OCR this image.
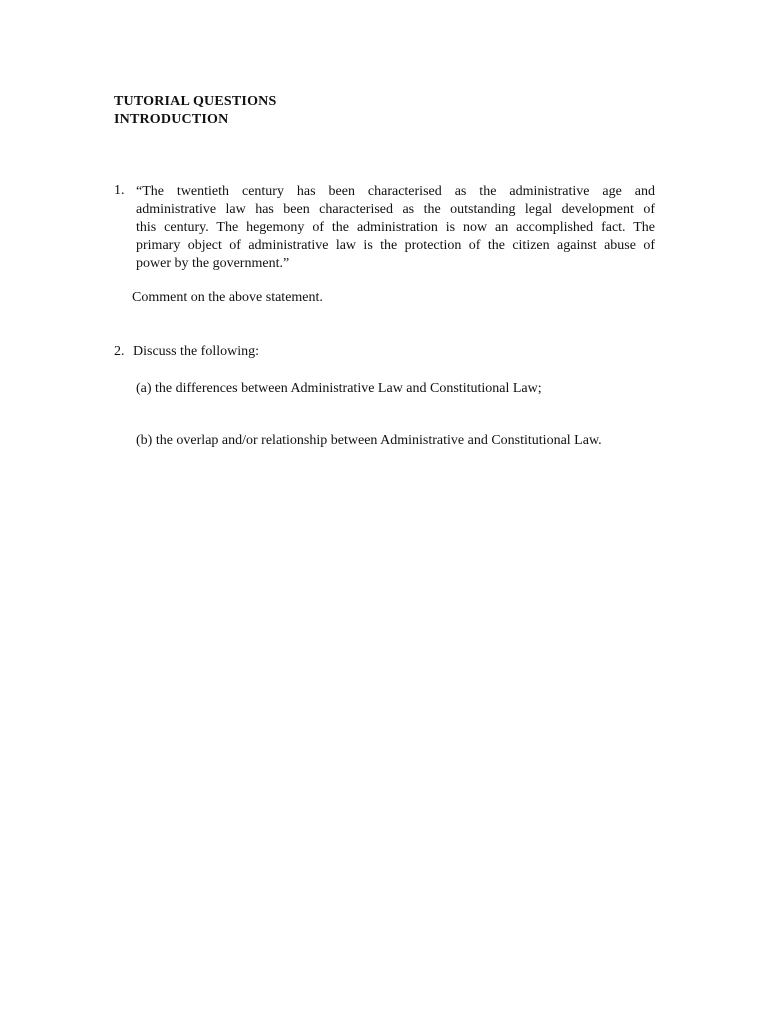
TUTORIAL QUESTIONS
INTRODUCTION
1. “The twentieth century has been characterised as the administrative age and
administrative law has been characterised as the outstanding legal development of
this century. The hegemony of the administration is now an accomplished fact. The
primary object of administrative law is the protection of the citizen against abuse of
power by the government.”
Comment on the above statement.
2. Discuss the following:
(a) the differences between Administrative Law and Constitutional Law;
(b) the overlap and/or relationship between Administrative and Constitutional Law.
